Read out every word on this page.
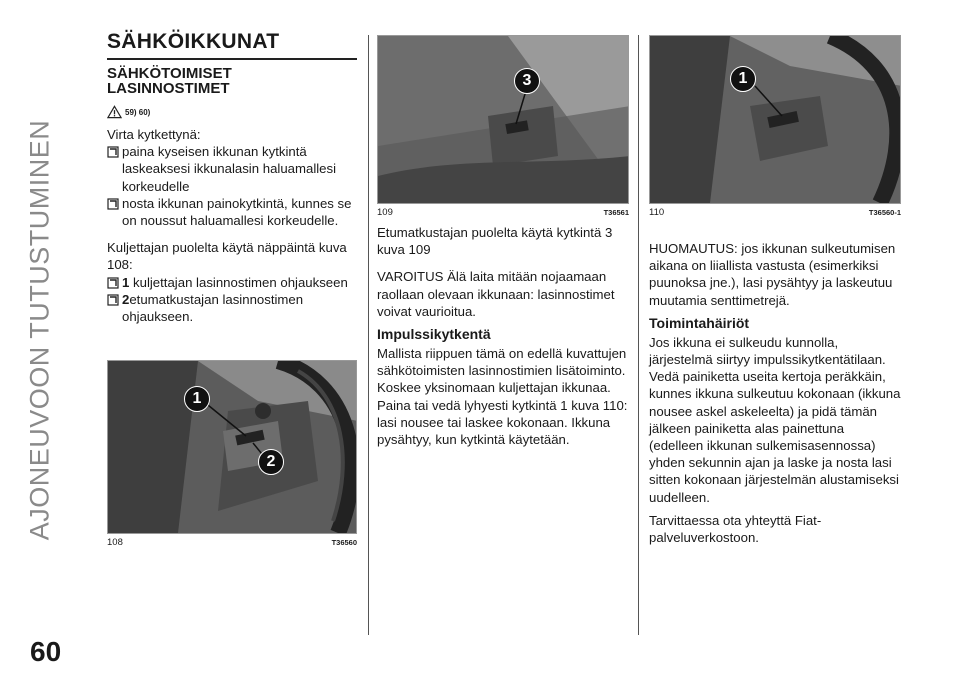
AJONEUVOON TUTUSTUMINEN
60
SÄHKÖIKKUNAT
SÄHKÖTOIMISET
LASINNOSTIMET
59) 60)

Virta kytkettynä:

paina kyseisen ikkunan kytkintä laskeaksesi ikkunalasin haluamallesi korkeudelle

nosta ikkunan painokytkintä, kunnes se on noussut haluamallesi korkeudelle.

Kuljettajan puolelta käytä näppäintä kuva 108:

1 kuljettajan lasinnostimen ohjaukseen

2etumatkustajan lasinnostimen ohjaukseen.

1
2
108	T36560
3
109	T36561

Etumatkustajan puolelta käytä kytkintä 3 kuva 109

VAROITUS Älä laita mitään nojaamaan raollaan olevaan ikkunaan: lasinnostimet voivat vaurioitua.

Impulssikytkentä

Mallista riippuen tämä on edellä kuvattujen sähkötoimisten lasinnostimien lisätoiminto. Koskee yksinomaan kuljettajan ikkunaa. Paina tai vedä lyhyesti kytkintä 1 kuva 110: lasi nousee tai laskee kokonaan. Ikkuna pysähtyy, kun kytkintä käytetään.

1
110	T36560-1

HUOMAUTUS: jos ikkunan sulkeutumisen aikana on liiallista vastusta (esimerkiksi puunoksa jne.), lasi pysähtyy ja laskeutuu muutamia senttimetrejä.

Toimintahäiriöt

Jos ikkuna ei sulkeudu kunnolla, järjestelmä siirtyy impulssikytkentätilaan. Vedä painiketta useita kertoja peräkkäin, kunnes ikkuna sulkeutuu kokonaan (ikkuna nousee askel askeleelta) ja pidä tämän jälkeen painiketta alas painettuna (edelleen ikkunan sulkemisasennossa) yhden sekunnin ajan ja laske ja nosta lasi sitten kokonaan järjestelmän alustamiseksi uudelleen.

Tarvittaessa ota yhteyttä Fiat-palveluverkostoon.
